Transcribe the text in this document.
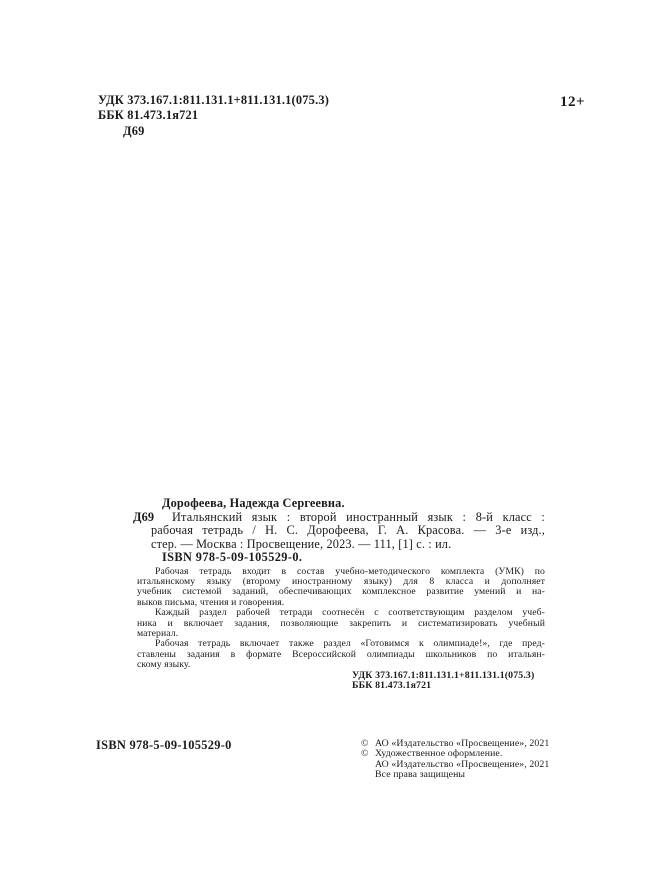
УДК 373.167.1:811.131.1+811.131.1(075.3)
ББК 81.473.1я721
Д69
12+
Д69
Дорофеева, Надежда Сергеевна.
Итальянский язык : второй иностранный язык : 8-й класс :
рабочая тетрадь / Н. С. Дорофеева, Г. А. Красова. — 3-е изд.,
стер. — Москва : Просвещение, 2023. — 111, [1] с. : ил.
ISBN 978-5-09-105529-0.
Рабочая тетрадь входит в состав учебно-методического комплекта (УМК) по
итальянскому языку (второму иностранному языку) для 8 класса и дополняет
учебник системой заданий, обеспечивающих комплексное развитие умений и на-
выков письма, чтения и говорения.
Каждый раздел рабочей тетради соотнесён с соответствующим разделом учеб-
ника и включает задания, позволяющие закрепить и систематизировать учебный
материал.
Рабочая тетрадь включает также раздел «Готовимся к олимпиаде!», где пред-
ставлены задания в формате Всероссийской олимпиады школьников по итальян-
скому языку.
УДК 373.167.1:811.131.1+811.131.1(075.3)
ББК 81.473.1я721
ISBN 978-5-09-105529-0	© АО «Издательство «Просвещение», 2021
© Художественное оформление.
АО «Издательство «Просвещение», 2021
Все права защищены
